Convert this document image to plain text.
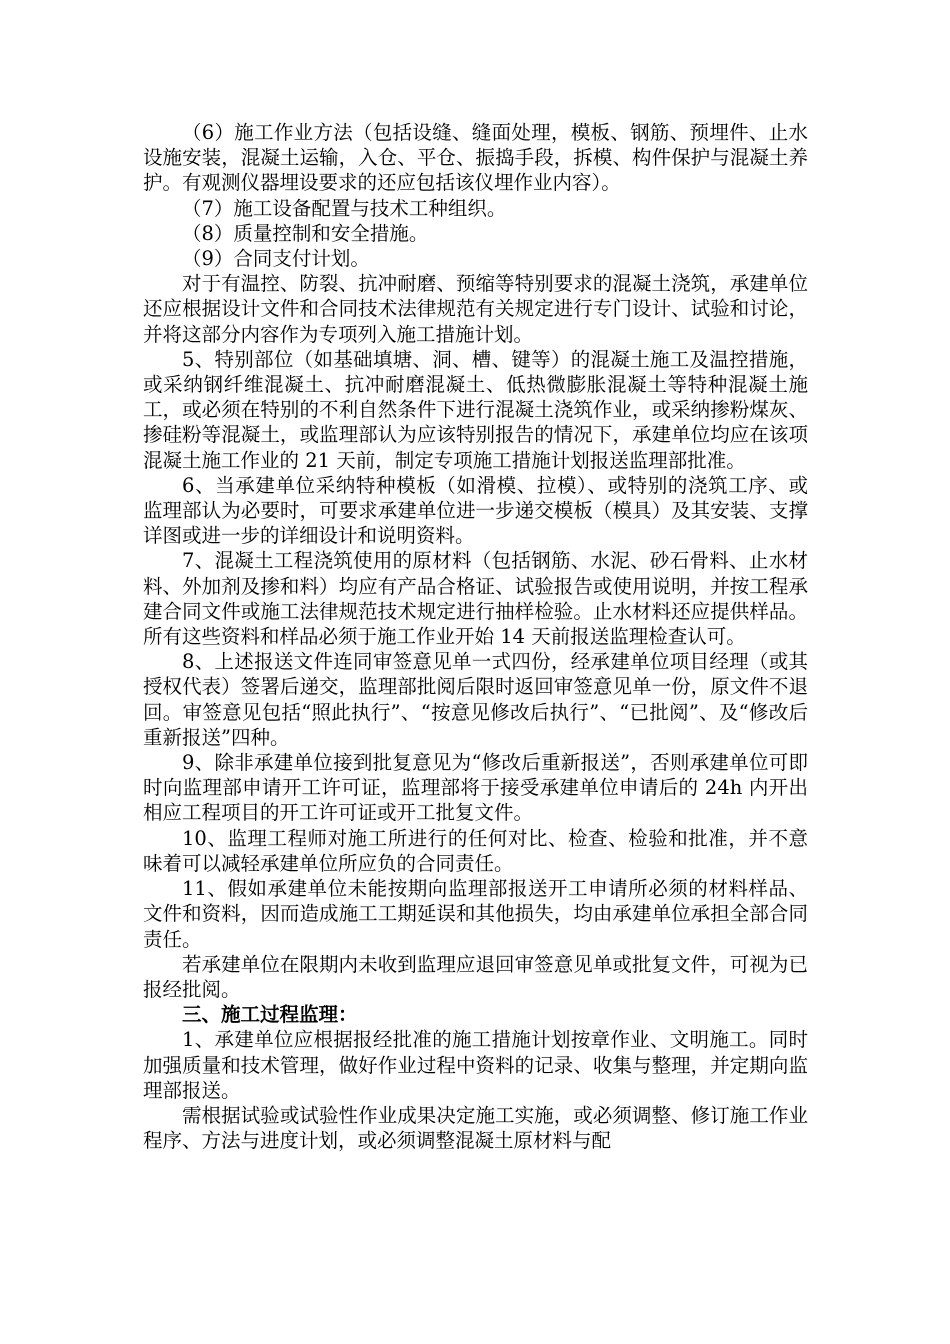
（6）施工作业方法（包括设缝、缝面处理，模板、钢筋、预埋件、止水设施安装，混凝土运输，入仓、平仓、振捣手段，拆模、构件保护与混凝土养护。有观测仪器埋设要求的还应包括该仪埋作业内容）。

（7）施工设备配置与技术工种组织。

（8）质量控制和安全措施。

（9）合同支付计划。

对于有温控、防裂、抗冲耐磨、预缩等特别要求的混凝土浇筑，承建单位还应根据设计文件和合同技术法律规范有关规定进行专门设计、试验和讨论，并将这部分内容作为专项列入施工措施计划。

5、特别部位（如基础填塘、洞、槽、键等）的混凝土施工及温控措施，或采纳钢纤维混凝土、抗冲耐磨混凝土、低热微膨胀混凝土等特种混凝土施工，或必须在特别的不利自然条件下进行混凝土浇筑作业，或采纳掺粉煤灰、掺硅粉等混凝土，或监理部认为应该特别报告的情况下，承建单位均应在该项混凝土施工作业的 21 天前，制定专项施工措施计划报送监理部批准。

6、当承建单位采纳特种模板（如滑模、拉模）、或特别的浇筑工序、或监理部认为必要时，可要求承建单位进一步递交模板（模具）及其安装、支撑详图或进一步的详细设计和说明资料。

7、混凝土工程浇筑使用的原材料（包括钢筋、水泥、砂石骨料、止水材料、外加剂及掺和料）均应有产品合格证、试验报告或使用说明，并按工程承建合同文件或施工法律规范技术规定进行抽样检验。止水材料还应提供样品。所有这些资料和样品必须于施工作业开始 14 天前报送监理检查认可。

8、上述报送文件连同审签意见单一式四份，经承建单位项目经理（或其授权代表）签署后递交，监理部批阅后限时返回审签意见单一份，原文件不退回。审签意见包括“照此执行”、“按意见修改后执行”、“已批阅”、及“修改后重新报送”四种。

9、除非承建单位接到批复意见为“修改后重新报送”，否则承建单位可即时向监理部申请开工许可证，监理部将于接受承建单位申请后的 24h 内开出相应工程项目的开工许可证或开工批复文件。

10、监理工程师对施工所进行的任何对比、检查、检验和批准，并不意味着可以减轻承建单位所应负的合同责任。

11、假如承建单位未能按期向监理部报送开工申请所必须的材料样品、文件和资料，因而造成施工工期延误和其他损失，均由承建单位承担全部合同责任。

若承建单位在限期内未收到监理应退回审签意见单或批复文件，可视为已报经批阅。

三、施工过程监理：

1、承建单位应根据报经批准的施工措施计划按章作业、文明施工。同时加强质量和技术管理，做好作业过程中资料的记录、收集与整理，并定期向监理部报送。

需根据试验或试验性作业成果决定施工实施，或必须调整、修订施工作业程序、方法与进度计划，或必须调整混凝土原材料与配
